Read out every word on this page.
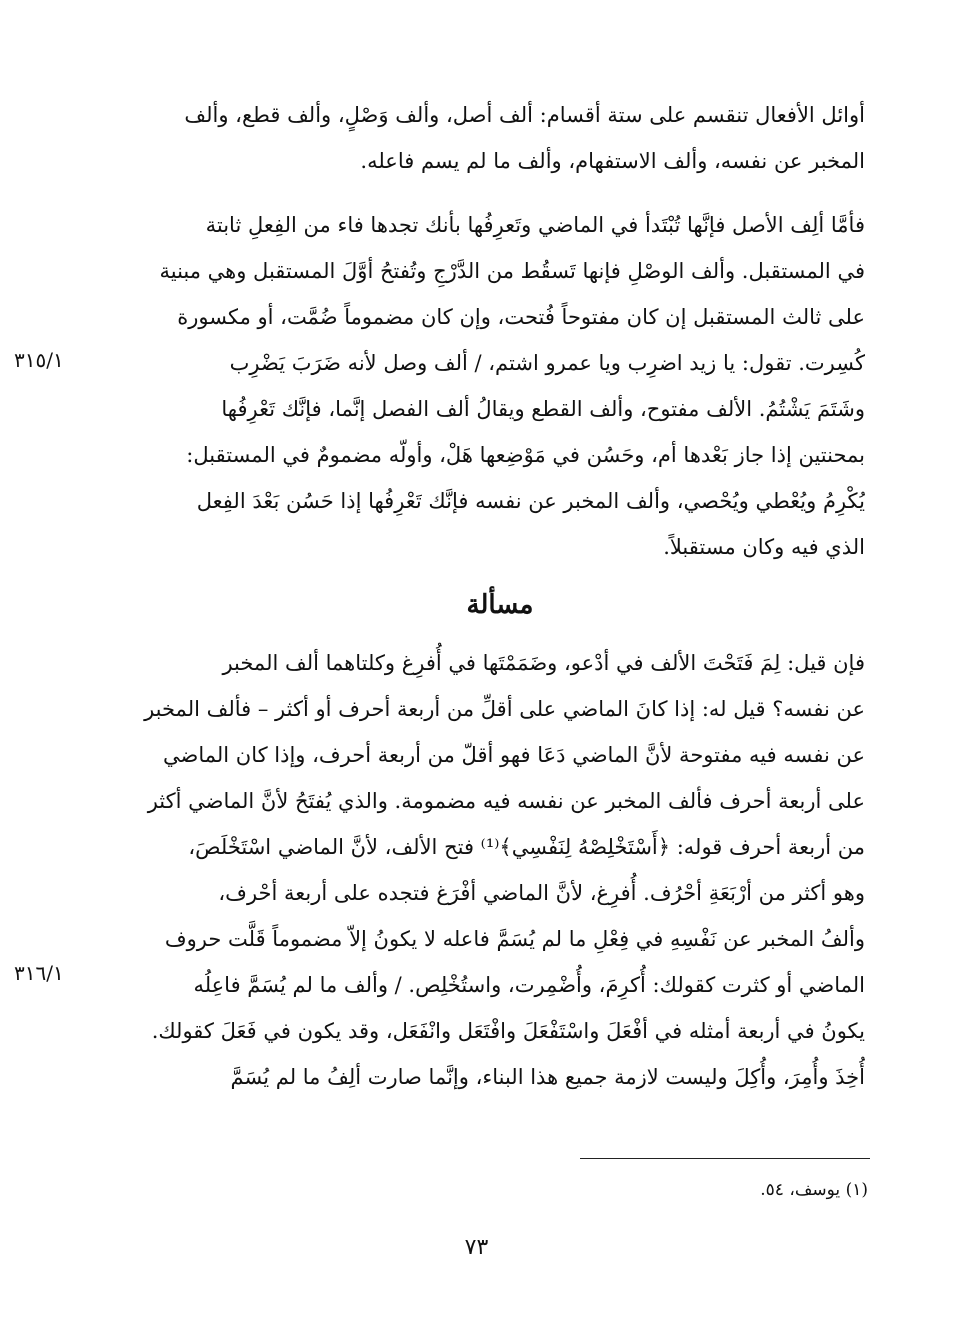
أوائل الأفعال تنقسم على ستة أقسام: ألف أصل، وألف وَصْلٍ، وألف قطع، وألف
المخبر عن نفسه، وألف الاستفهام، وألف ما لم يسم فاعله.
فأمَّا ألِف الأصل فإنَّها تُبْتَدأ في الماضي وتَعرِفُها بأنك تجدها فاء من الفِعلِ ثابتة
في المستقبل. وألف الوصْلِ فإنها تَسقُط من الدَّرْجِ وتُفتحُ أوَّلَ المستقبل وهي مبنية
على ثالث المستقبل إن كان مفتوحاً فُتحت، وإن كان مضموماً ضُمَّت، أو مكسورة
كُسِرت. تقول: يا زيد اضرِب ويا عمرو اشتم، / ألف وصل لأنه ضَرَبَ يَضْرِب
وشَتَمَ يَشْتُمُ. الألف مفتوح، وألف القطع ويقالُ ألف الفصل إنَّما، فإنَّك تَعْرِفُها
بمحنتين إذا جاز بَعْدها أم، وحَسُن في مَوْضِعها هَلْ، وأولّه مضمومٌ في المستقبل:
يُكْرِمُ ويُعْطي ويُحْصي، وألف المخبر عن نفسه فإنَّك تَعْرِفُها إذا حَسُن بَعْدَ الفِعل
الذي فيه وكان مستقبلاً.
٣١٥/١
مسألة
فإن قيل: لِمَ فَتَحْتَ الألف في أدْعو، وضَمَمْتَها في أُفرِغ وكلتاهما ألف المخبر
عن نفسه؟ قيل له: إذا كانَ الماضي على أقلِّ من أربعة أحرف أو أكثر – فألف المخبر
عن نفسه فيه مفتوحة لأنَّ الماضي دَعَا فهو أقلّ من أربعة أحرف، وإذا كان الماضي
على أربعة أحرف فألف المخبر عن نفسه فيه مضمومة. والذي يُفتَحُ لأنَّ الماضي أكثر
من أربعة أحرف قوله: ﴿أَسْتَخْلِصْهُ لِنَفْسِي﴾⁽¹⁾ فتح الألف، لأنَّ الماضي اسْتَخْلَصَ،
وهو أكثر من أرْبَعَةِ أحْرُف. أُفرِغ، لأنَّ الماضي أفْرَغ فتجده على أربعة أحْرف،
وألفُ المخبر عن نَفْسِهِ في فِعْلِ ما لم يُسَمَّ فاعله لا يكونُ إلاّ مضموماً قَلَّت حروف
الماضي أو كثرت كقولك: أُكرِمَ، وأُضْمِرت، واستُخْلِص. / وألف ما لم يُسَمَّ فاعِلُه
يكونُ في أربعة أمثله في أفْعَلَ واسْتَفْعَلَ وافْتَعَل وانْفَعَل، وقد يكون في فَعَلَ كقولك.
أُخِذَ وأُمِرَ، وأُكِلَ وليست لازمة جميع هذا البناء، وإنَّما صارت ألِفُ ما لم يُسَمَّ
٣١٦/١
(١) يوسف، ٥٤.
٧٣
